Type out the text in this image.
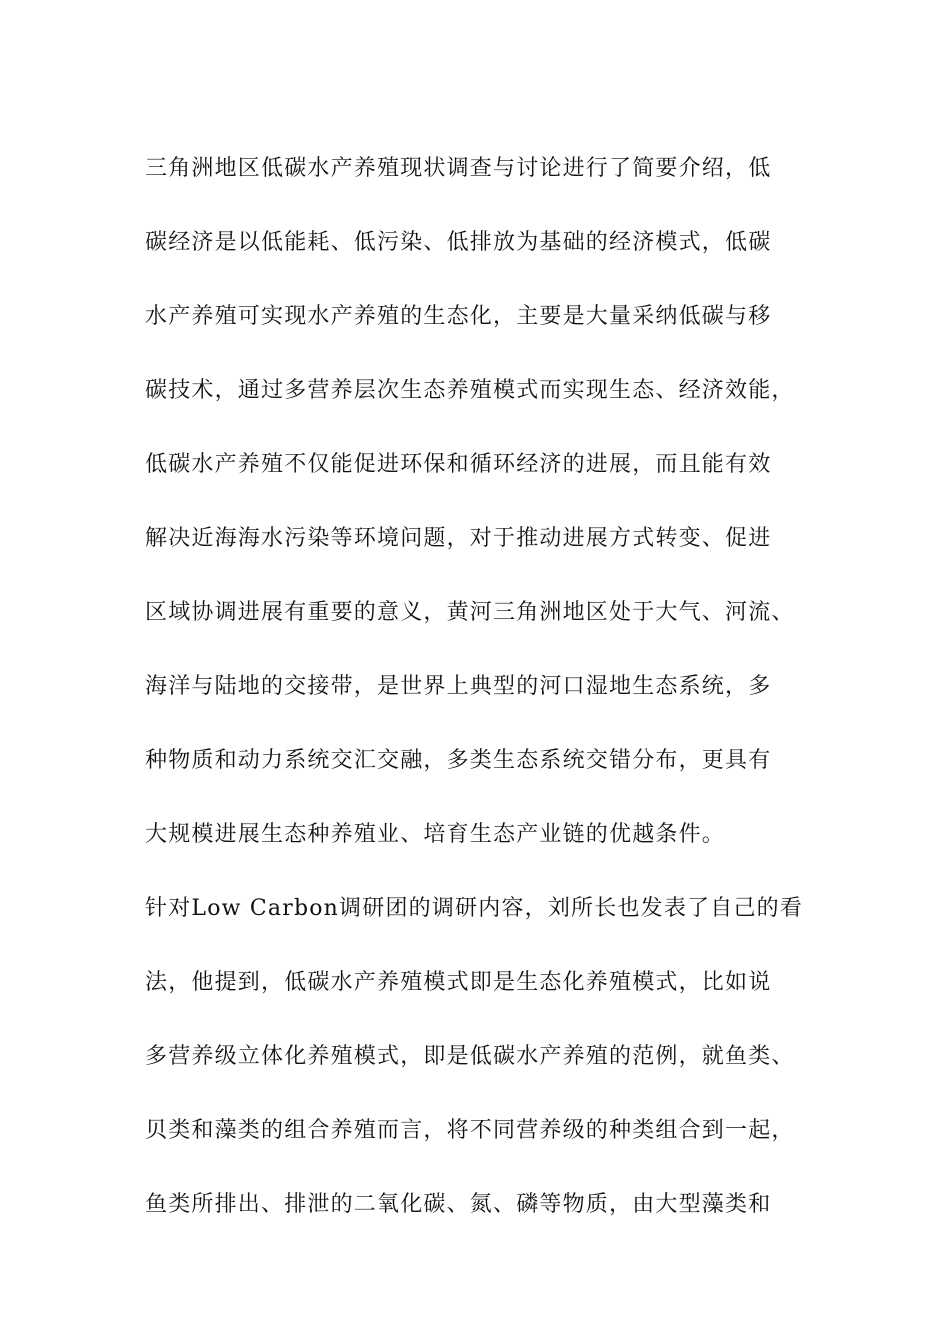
三角洲地区低碳水产养殖现状调查与讨论进行了简要介绍，低
碳经济是以低能耗、低污染、低排放为基础的经济模式，低碳
水产养殖可实现水产养殖的生态化，主要是大量采纳低碳与移
碳技术，通过多营养层次生态养殖模式而实现生态、经济效能，
低碳水产养殖不仅能促进环保和循环经济的进展，而且能有效
解决近海海水污染等环境问题，对于推动进展方式转变、促进
区域协调进展有重要的意义，黄河三角洲地区处于大气、河流、
海洋与陆地的交接带，是世界上典型的河口湿地生态系统，多
种物质和动力系统交汇交融，多类生态系统交错分布，更具有
大规模进展生态种养殖业、培育生态产业链的优越条件。
针对Low Carbon调研团的调研内容，刘所长也发表了自己的看
法，他提到，低碳水产养殖模式即是生态化养殖模式，比如说
多营养级立体化养殖模式，即是低碳水产养殖的范例，就鱼类、
贝类和藻类的组合养殖而言，将不同营养级的种类组合到一起，
鱼类所排出、排泄的二氧化碳、氮、磷等物质，由大型藻类和
